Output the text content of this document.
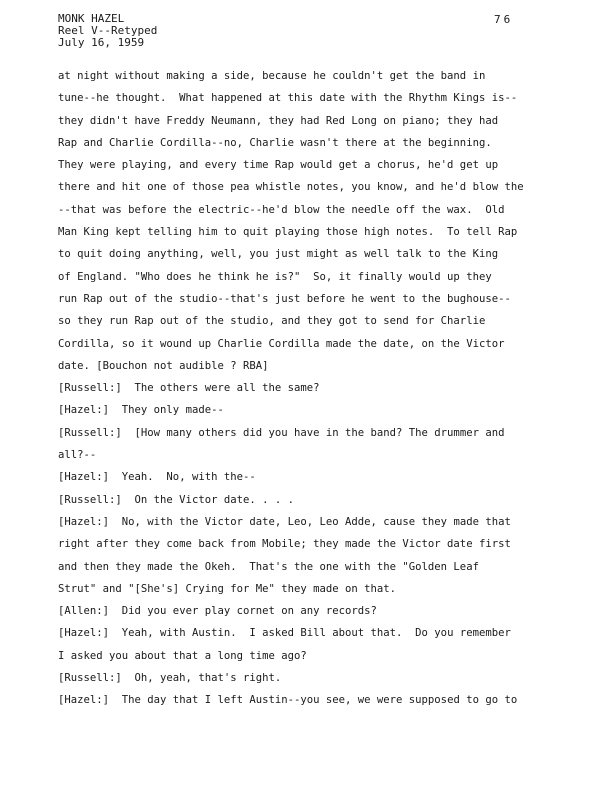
MONK HAZEL
Reel V--Retyped
July 16, 1959
76
at night without making a side, because he couldn't get the band in
tune--he thought.  What happened at this date with the Rhythm Kings is--
they didn't have Freddy Neumann, they had Red Long on piano; they had
Rap and Charlie Cordilla--no, Charlie wasn't there at the beginning.
They were playing, and every time Rap would get a chorus, he'd get up
there and hit one of those pea whistle notes, you know, and he'd blow the
--that was before the electric--he'd blow the needle off the wax.  Old
Man King kept telling him to quit playing those high notes.  To tell Rap
to quit doing anything, well, you just might as well talk to the King
of England. "Who does he think he is?"  So, it finally would up they
run Rap out of the studio--that's just before he went to the bughouse--
so they run Rap out of the studio, and they got to send for Charlie
Cordilla, so it wound up Charlie Cordilla made the date, on the Victor
date. [Bouchon not audible ? RBA]
[Russell:]  The others were all the same?
[Hazel:]  They only made--
[Russell:]  [How many others did you have in the band? The drummer and
all?--
[Hazel:]  Yeah.  No, with the--
[Russell:]  On the Victor date. . . .
[Hazel:]  No, with the Victor date, Leo, Leo Adde, cause they made that
right after they come back from Mobile; they made the Victor date first
and then they made the Okeh.  That's the one with the "Golden Leaf
Strut" and "[She's] Crying for Me" they made on that.
[Allen:]  Did you ever play cornet on any records?
[Hazel:]  Yeah, with Austin.  I asked Bill about that.  Do you remember
I asked you about that a long time ago?
[Russell:]  Oh, yeah, that's right.
[Hazel:]  The day that I left Austin--you see, we were supposed to go to
